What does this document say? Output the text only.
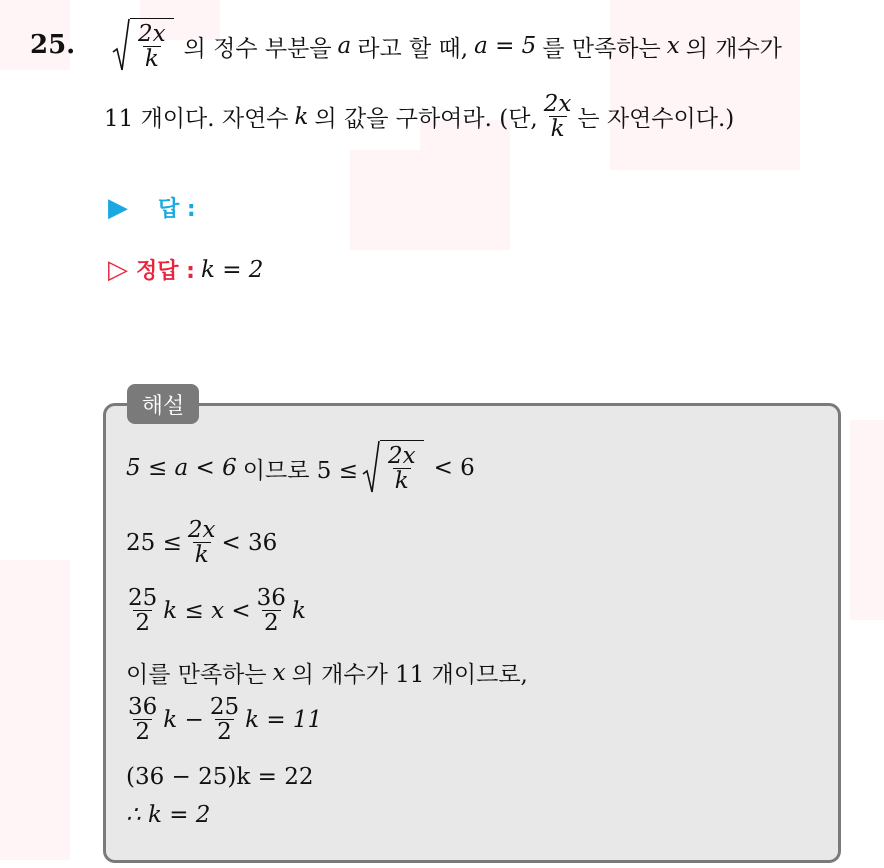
25.	$\frac{2x}{k}$ 의 정수 부분을 a 라고 할 때, a = 5 를 만족하는 x 의 개수가
11 개이다. 자연수 k 의 값을 구하여라. (단, $\frac{2x}{k}$ 는 자연수이다.)
▶ 답 :
▷ 정답 : k = 2
해설
5 ≤ a < 6 이므로 $5 \le \frac{2x}{k} < 6$
$25 \le \frac{2x}{k} < 36$
$\frac{25}{2}$ $k \le x < \frac{36}{2}$ k
이를 만족하는 x 의 개수가 11 개이므로,
$\frac{36}{2}$ $k - \frac{25}{2}$ k = 11
(36 − 25)k = 22
∴ k = 2
